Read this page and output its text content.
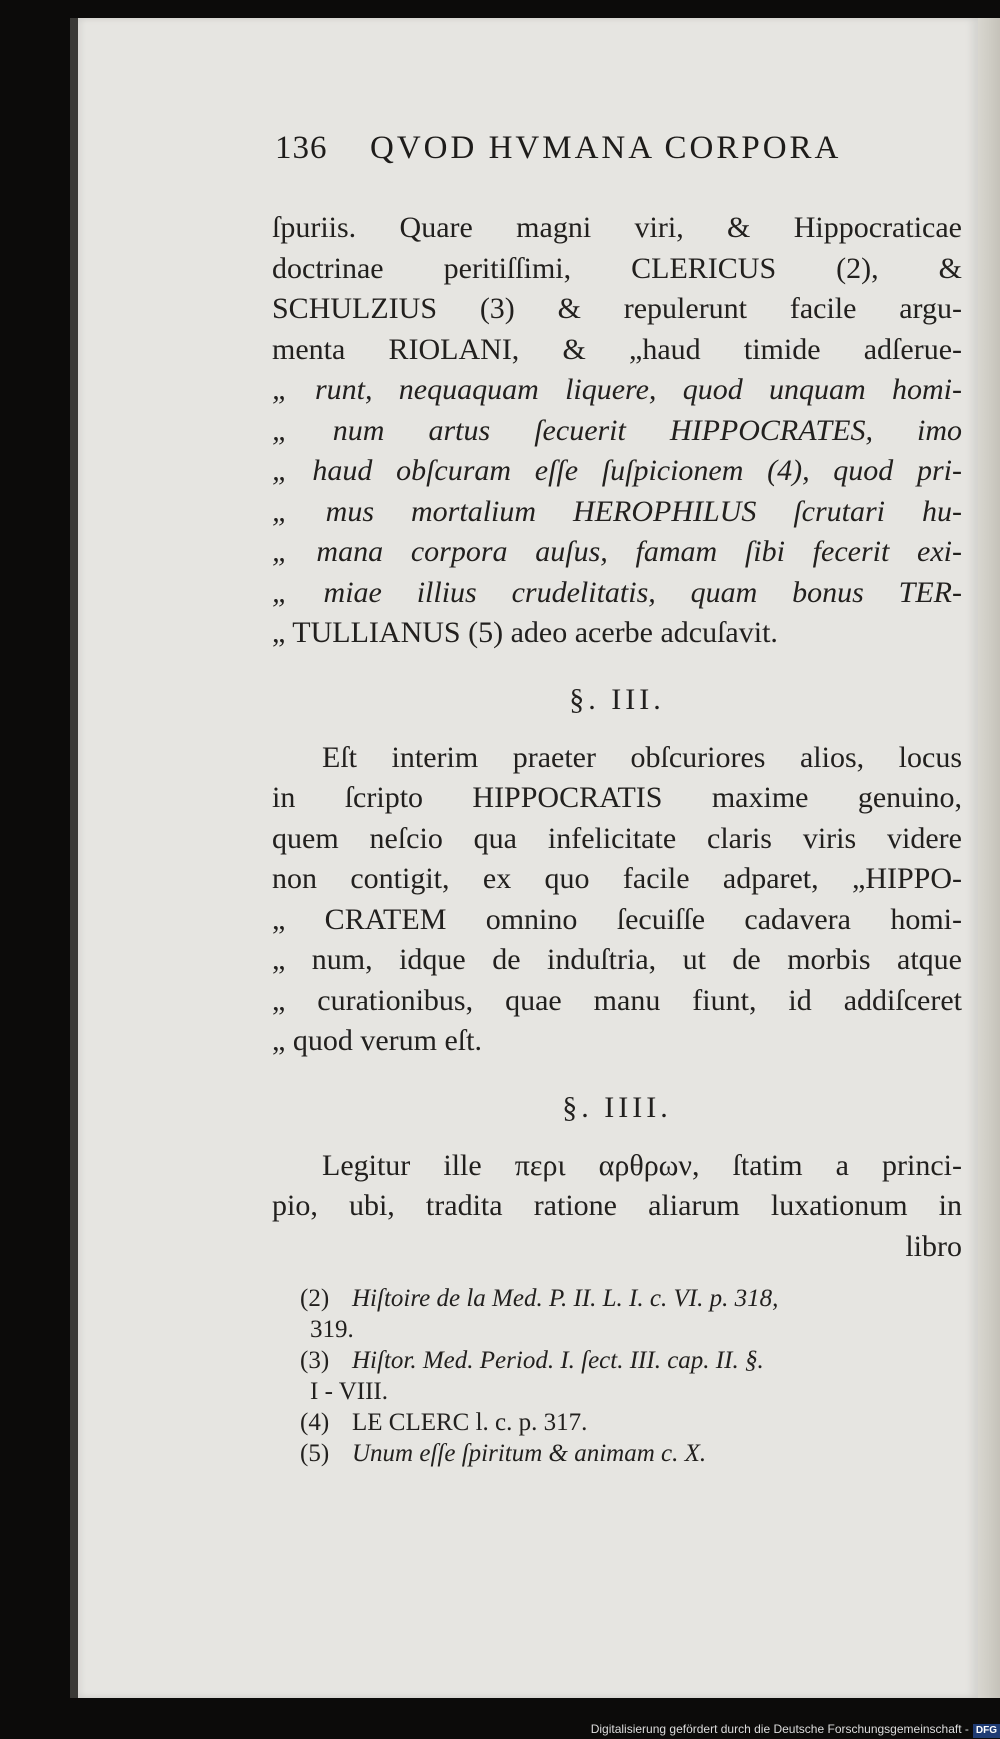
136 QVOD HVMANA CORPORA
ſpuriis. Quare magni viri, & Hippocraticae
doctrinae peritiſſimi, CLERICUS (2), &
SCHULZIUS (3) & repulerunt facile argu-
menta RIOLANI, & „haud timide adſerue-
„ runt, nequaquam liquere, quod unquam homi-
„ num artus ſecuerit HIPPOCRATES, imo
„ haud obſcuram eſſe ſuſpicionem (4), quod pri-
„ mus mortalium HEROPHILUS ſcrutari hu-
„ mana corpora auſus, famam ſibi fecerit exi-
„ miae illius crudelitatis, quam bonus TER-
„ TULLIANUS (5) adeo acerbe adcuſavit.
§. III.
Eſt interim praeter obſcuriores alios, locus
in ſcripto HIPPOCRATIS maxime genuino,
quem neſcio qua infelicitate claris viris videre
non contigit, ex quo facile adparet, „HIPPO-
„ CRATEM omnino ſecuiſſe cadavera homi-
„ num, idque de induſtria, ut de morbis atque
„ curationibus, quae manu fiunt, id addiſceret
„ quod verum eſt.
§. IIII.
Legitur ille περι αρθρων, ſtatim a princi-
pio, ubi, tradita ratione aliarum luxationum in
libro
(2) Hiſtoire de la Med. P. II. L. I. c. VI. p. 318,
319.
(3) Hiſtor. Med. Period. I. ſect. III. cap. II. §.
I - VIII.
(4) LE CLERC l. c. p. 317.
(5) Unum eſſe ſpiritum & animam c. X.
Digitalisierung gefördert durch die Deutsche Forschungsgemeinschaft - DFG
